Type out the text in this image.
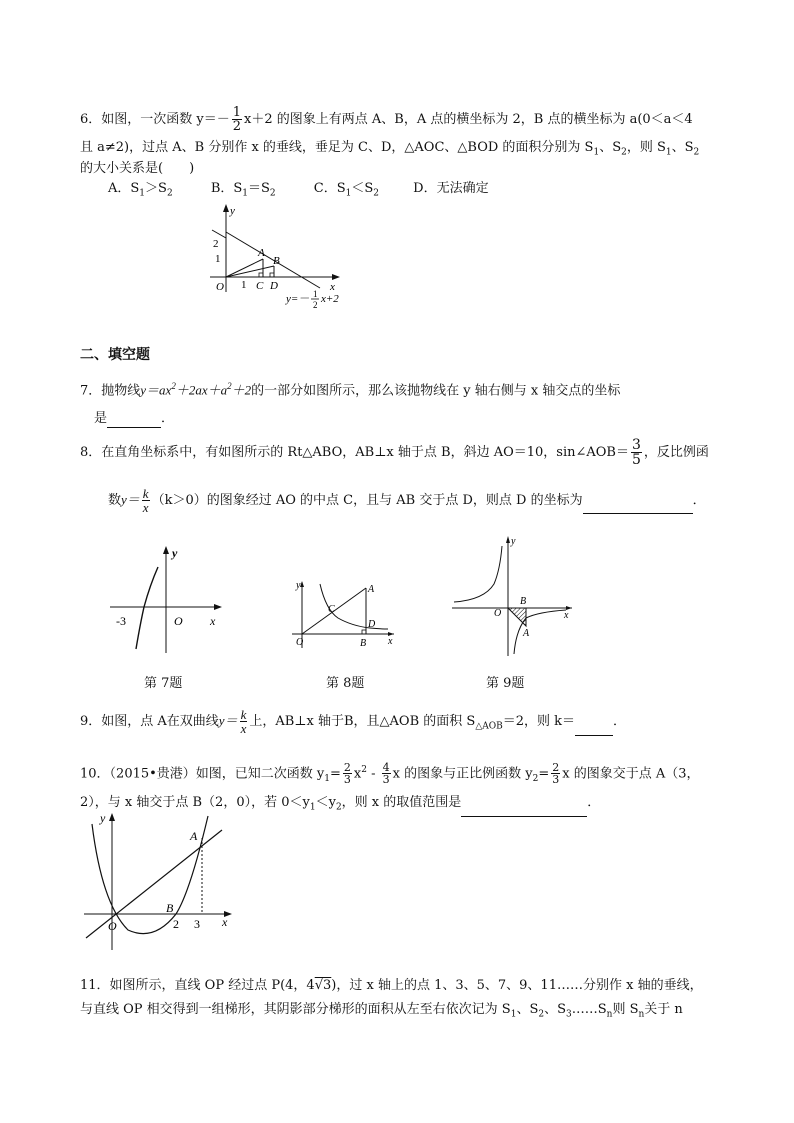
6．如图，一次函数 $y=- \frac{1}{2} x+2$ 的图象上有两点 A、B，A 点的横坐标为 2，B 点的横坐标为 a(0＜a＜4
且 a≠2)，过点 A、B 分别作 x 的垂线，垂足为 C、D，△AOC、△BOD 的面积分别为 $S_1$、$S_2$，则 $S_1$、$S_2$
的大小关系是(　　)
A．$S_1>S_2$	B．$S_1=S_2$	C．$S_1<S_2$	D．无法确定
y
2
1
O 1
A
B
C D	x
y=－ 1
2 x+2
二、填空题
7．抛物线$y=ax^2+2ax+a^2+2$的一部分如图所示，那么该抛物线在 y 轴右侧与 x 轴交点的坐标
是	．
8．在直角坐标系中，有如图所示的 Rt△ABO，AB⊥x 轴于点 B，斜边 AO＝10，sin∠AOB＝ $\frac{3}{5}$ ，反比例函
数$y= \frac{k}{x} (k>0)$的图象经过 AO 的中点 C，且与 AB 交于点 D，则点 D 的坐标为	．
y
-3	O x
第 7题
y	A
C
D
O	B x
第 8题
y
B
O
A
x
第 9题
9．如图，点 A在双曲线$y= \frac{k}{x}$ 上，AB⊥x 轴于B，且△AOB 的面积 $S_{\triangle AOB}=2$，则 k＝	．
10．（2015•贵港）如图，已知二次函数 $y_1= \frac{2}{3} x^2 - \frac{4}{3}$ x 的图象与正比例函数 $y_2= \frac{2}{3}$ x 的图象交于点 A（3，
2），与 x 轴交于点 B（2，0），若 $0<y_1<y_2$，则 x 的取值范围是	．
y
A
B
2 3
O	x
11．如图所示，直线 OP 经过点 P(4，4√3)，过 x 轴上的点 1、3、5、7、9、11……分别作 x 轴的垂线，
与直线 OP 相交得到一组梯形，其阴影部分梯形的面积从左至右依次记为 $S_1$、$S_2$、$S_3\dots\dots S_n$则 $S_n$关于 n
